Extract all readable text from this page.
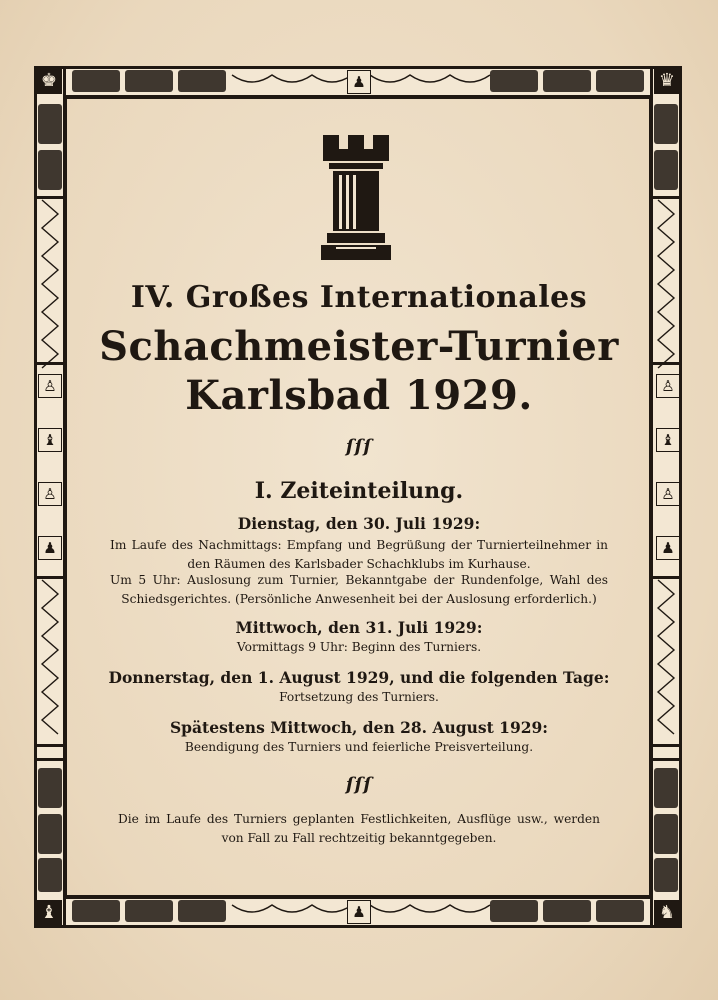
♚	♛
♝	♞
♟
♟
♙
♝
♙
♟
♙
♝
♙
♟
IV. Großes Internationales
Schachmeister-Turnier
Karlsbad 1929.
ſſſ
I. Zeiteinteilung.
Dienstag, den 30. Juli 1929:
Im Laufe des Nachmittags: Empfang und Begrüßung der Turnierteilnehmer in den Räumen des Karlsbader Schachklubs im Kurhause.
Um 5 Uhr: Auslosung zum Turnier, Bekanntgabe der Rundenfolge, Wahl des Schiedsgerichtes. (Persönliche Anwesenheit bei der Auslosung erforderlich.)
Mittwoch, den 31. Juli 1929:
Vormittags 9 Uhr: Beginn des Turniers.
Donnerstag, den 1. August 1929, und die folgenden Tage:
Fortsetzung des Turniers.
Spätestens Mittwoch, den 28. August 1929:
Beendigung des Turniers und feierliche Preisverteilung.
ſſſ
Die im Laufe des Turniers geplanten Festlichkeiten, Ausflüge usw., werden von Fall zu Fall rechtzeitig bekanntgegeben.
